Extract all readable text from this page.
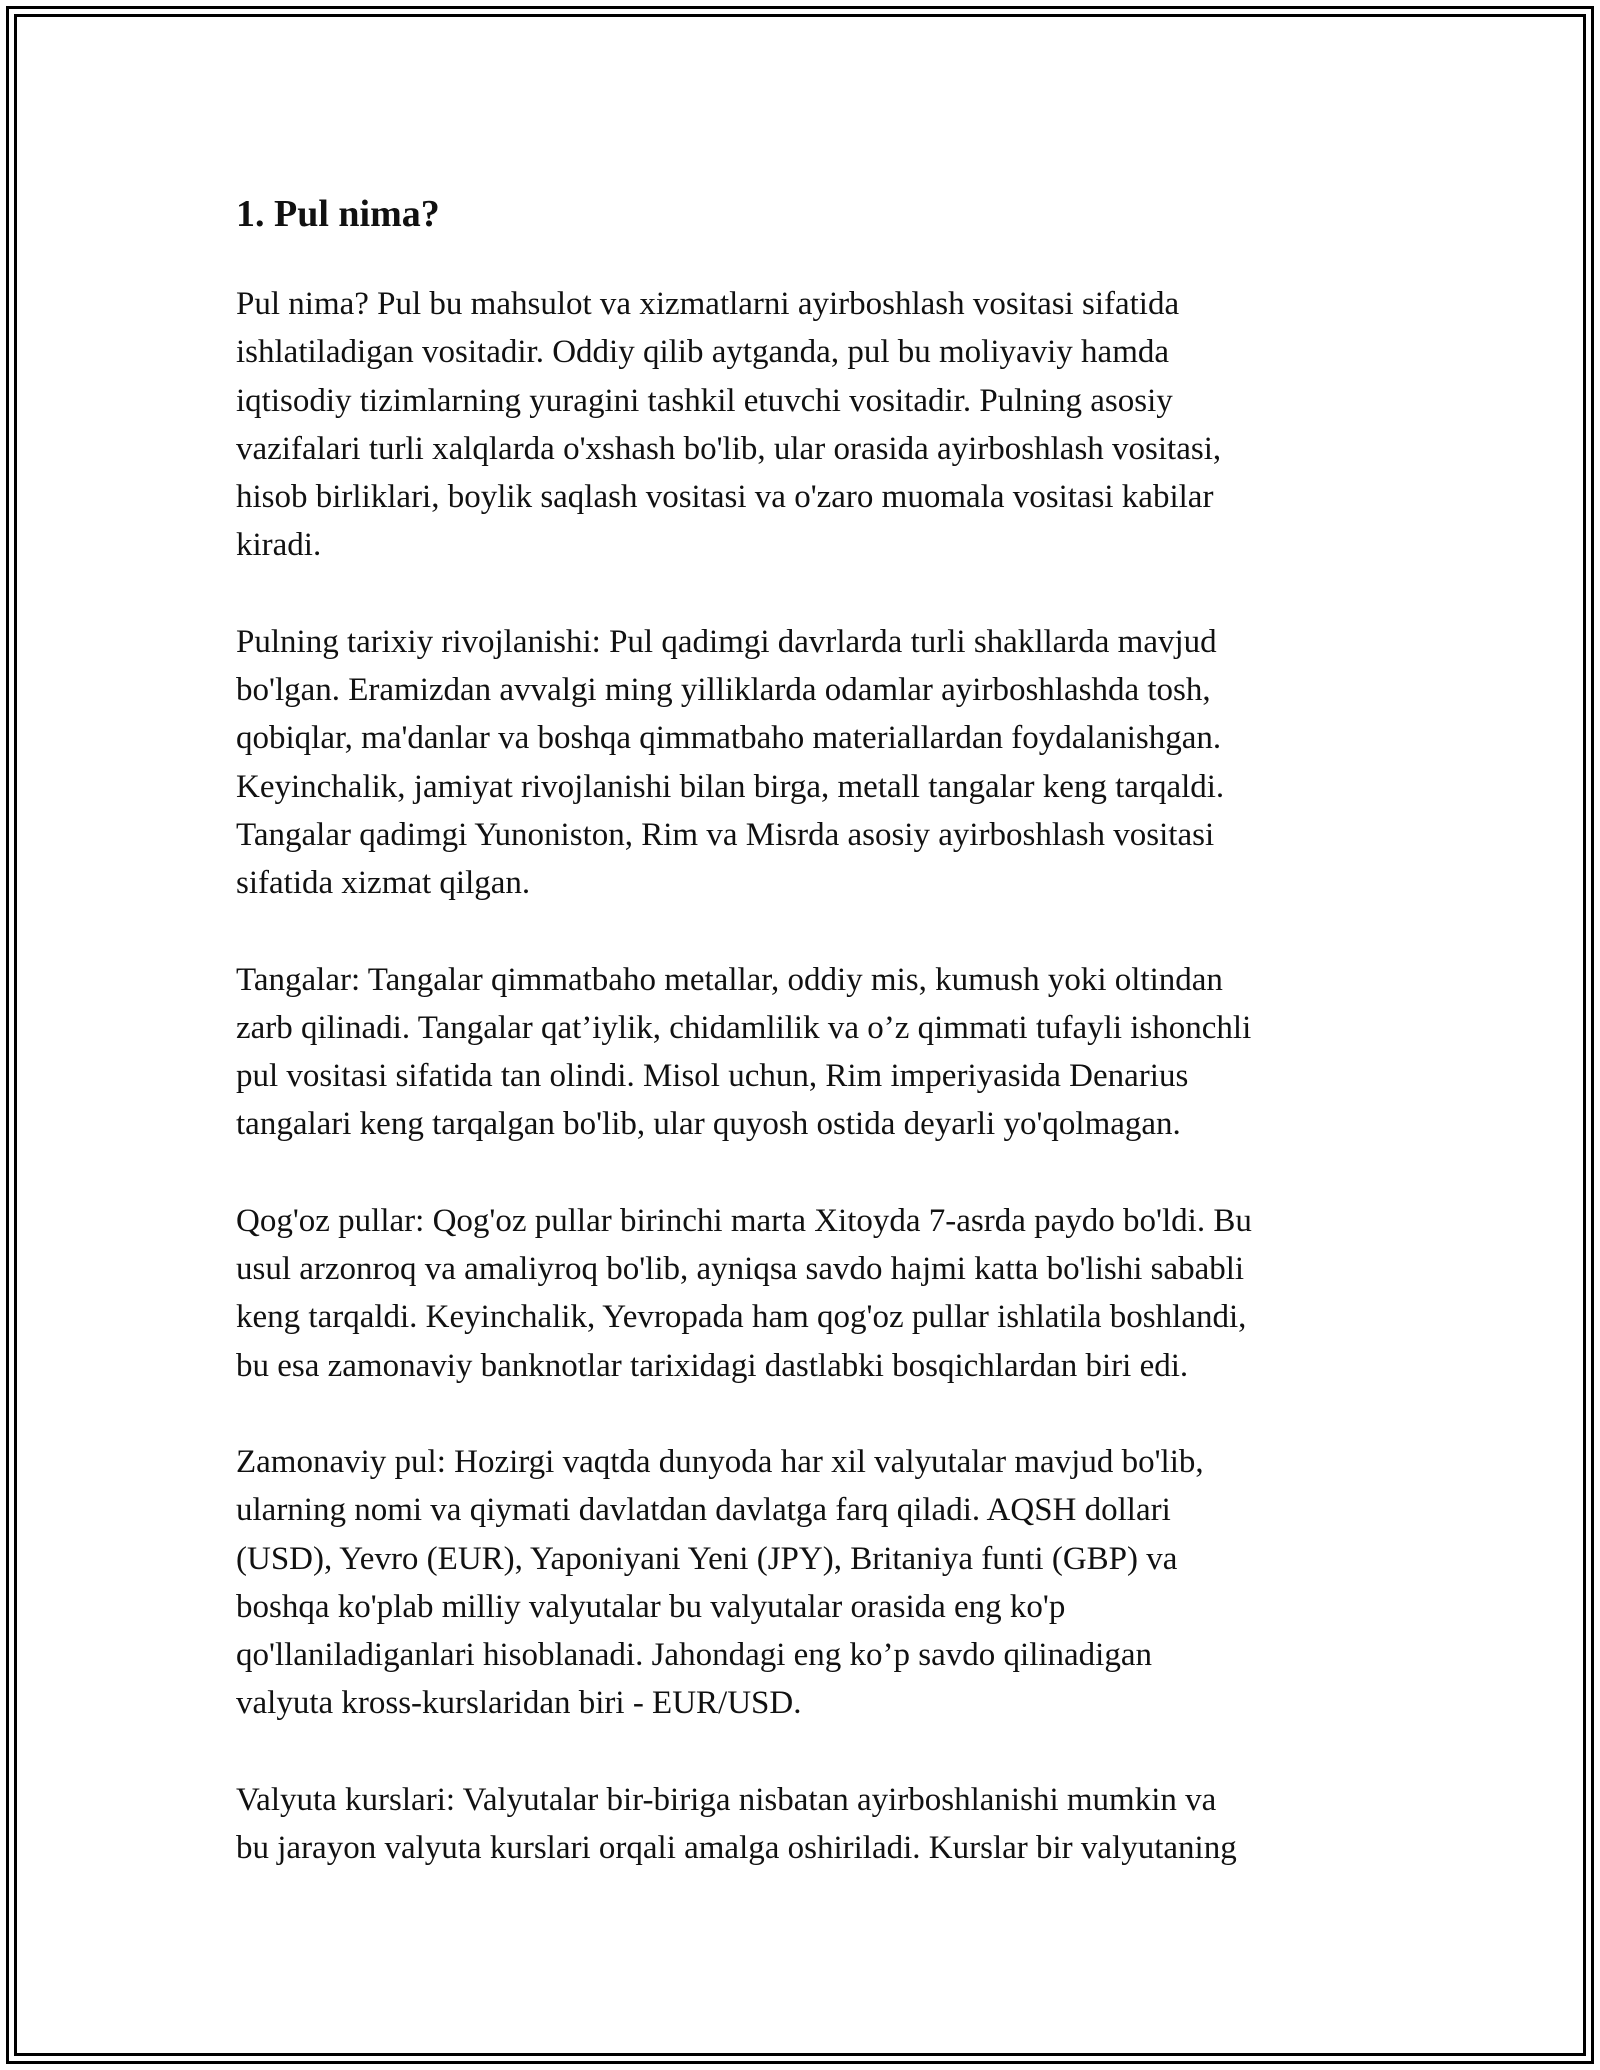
1. Pul nima?

Pul nima? Pul bu mahsulot va xizmatlarni ayirboshlash vositasi sifatida
ishlatiladigan vositadir. Oddiy qilib aytganda, pul bu moliyaviy hamda
iqtisodiy tizimlarning yuragini tashkil etuvchi vositadir. Pulning asosiy
vazifalari turli xalqlarda o'xshash bo'lib, ular orasida ayirboshlash vositasi,
hisob birliklari, boylik saqlash vositasi va o'zaro muomala vositasi kabilar
kiradi.

Pulning tarixiy rivojlanishi: Pul qadimgi davrlarda turli shakllarda mavjud
bo'lgan. Eramizdan avvalgi ming yilliklarda odamlar ayirboshlashda tosh,
qobiqlar, ma'danlar va boshqa qimmatbaho materiallardan foydalanishgan.
Keyinchalik, jamiyat rivojlanishi bilan birga, metall tangalar keng tarqaldi.
Tangalar qadimgi Yunoniston, Rim va Misrda asosiy ayirboshlash vositasi
sifatida xizmat qilgan.

Tangalar: Tangalar qimmatbaho metallar, oddiy mis, kumush yoki oltindan
zarb qilinadi. Tangalar qat’iylik, chidamlilik va o’z qimmati tufayli ishonchli
pul vositasi sifatida tan olindi. Misol uchun, Rim imperiyasida Denarius
tangalari keng tarqalgan bo'lib, ular quyosh ostida deyarli yo'qolmagan.

Qog'oz pullar: Qog'oz pullar birinchi marta Xitoyda 7-asrda paydo bo'ldi. Bu
usul arzonroq va amaliyroq bo'lib, ayniqsa savdo hajmi katta bo'lishi sababli
keng tarqaldi. Keyinchalik, Yevropada ham qog'oz pullar ishlatila boshlandi,
bu esa zamonaviy banknotlar tarixidagi dastlabki bosqichlardan biri edi.

Zamonaviy pul: Hozirgi vaqtda dunyoda har xil valyutalar mavjud bo'lib,
ularning nomi va qiymati davlatdan davlatga farq qiladi. AQSH dollari
(USD), Yevro (EUR), Yaponiyani Yeni (JPY), Britaniya funti (GBP) va
boshqa ko'plab milliy valyutalar bu valyutalar orasida eng ko'p
qo'llaniladiganlari hisoblanadi. Jahondagi eng ko’p savdo qilinadigan
valyuta kross-kurslaridan biri - EUR/USD.

Valyuta kurslari: Valyutalar bir-biriga nisbatan ayirboshlanishi mumkin va
bu jarayon valyuta kurslari orqali amalga oshiriladi. Kurslar bir valyutaning
